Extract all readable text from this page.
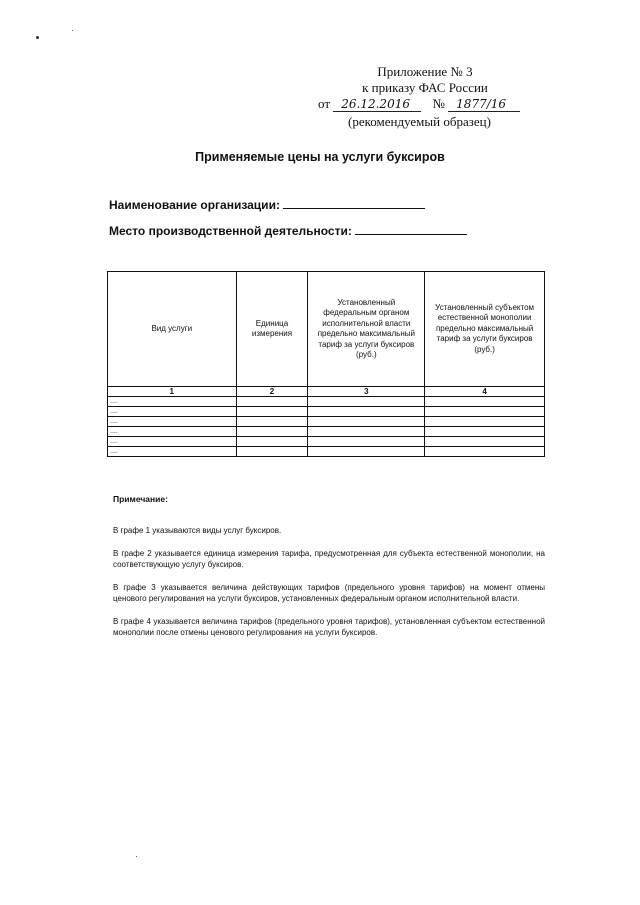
Приложение № 3
к приказу ФАС России
от 26.12.2016 № 1877/16
(рекомендуемый образец)
Применяемые цены на услуги буксиров
Наименование организации:
Место производственной деятельности:
Вид услуги	Единица измерения	Установленный федеральным органом исполнительной власти предельно максимальный тариф за услуги буксиров (руб.)	Установленный субъектом естественной монополии предельно максимальный тариф за услуги буксиров (руб.)
1	2	3	4
....			
....			
....			
....			
....			
....			
Примечание:

В графе 1 указываются виды услуг буксиров.

В графе 2 указывается единица измерения тарифа, предусмотренная для субъекта естественной монополии, на соответствующую услугу буксиров.

В графе 3 указывается величина действующих тарифов (предельного уровня тарифов) на момент отмены ценового регулирования на услуги буксиров, установленных федеральным органом исполнительной власти.

В графе 4 указывается величина тарифов (предельного уровня тарифов), установленная субъектом естественной монополии после отмены ценового регулирования на услуги буксиров.
